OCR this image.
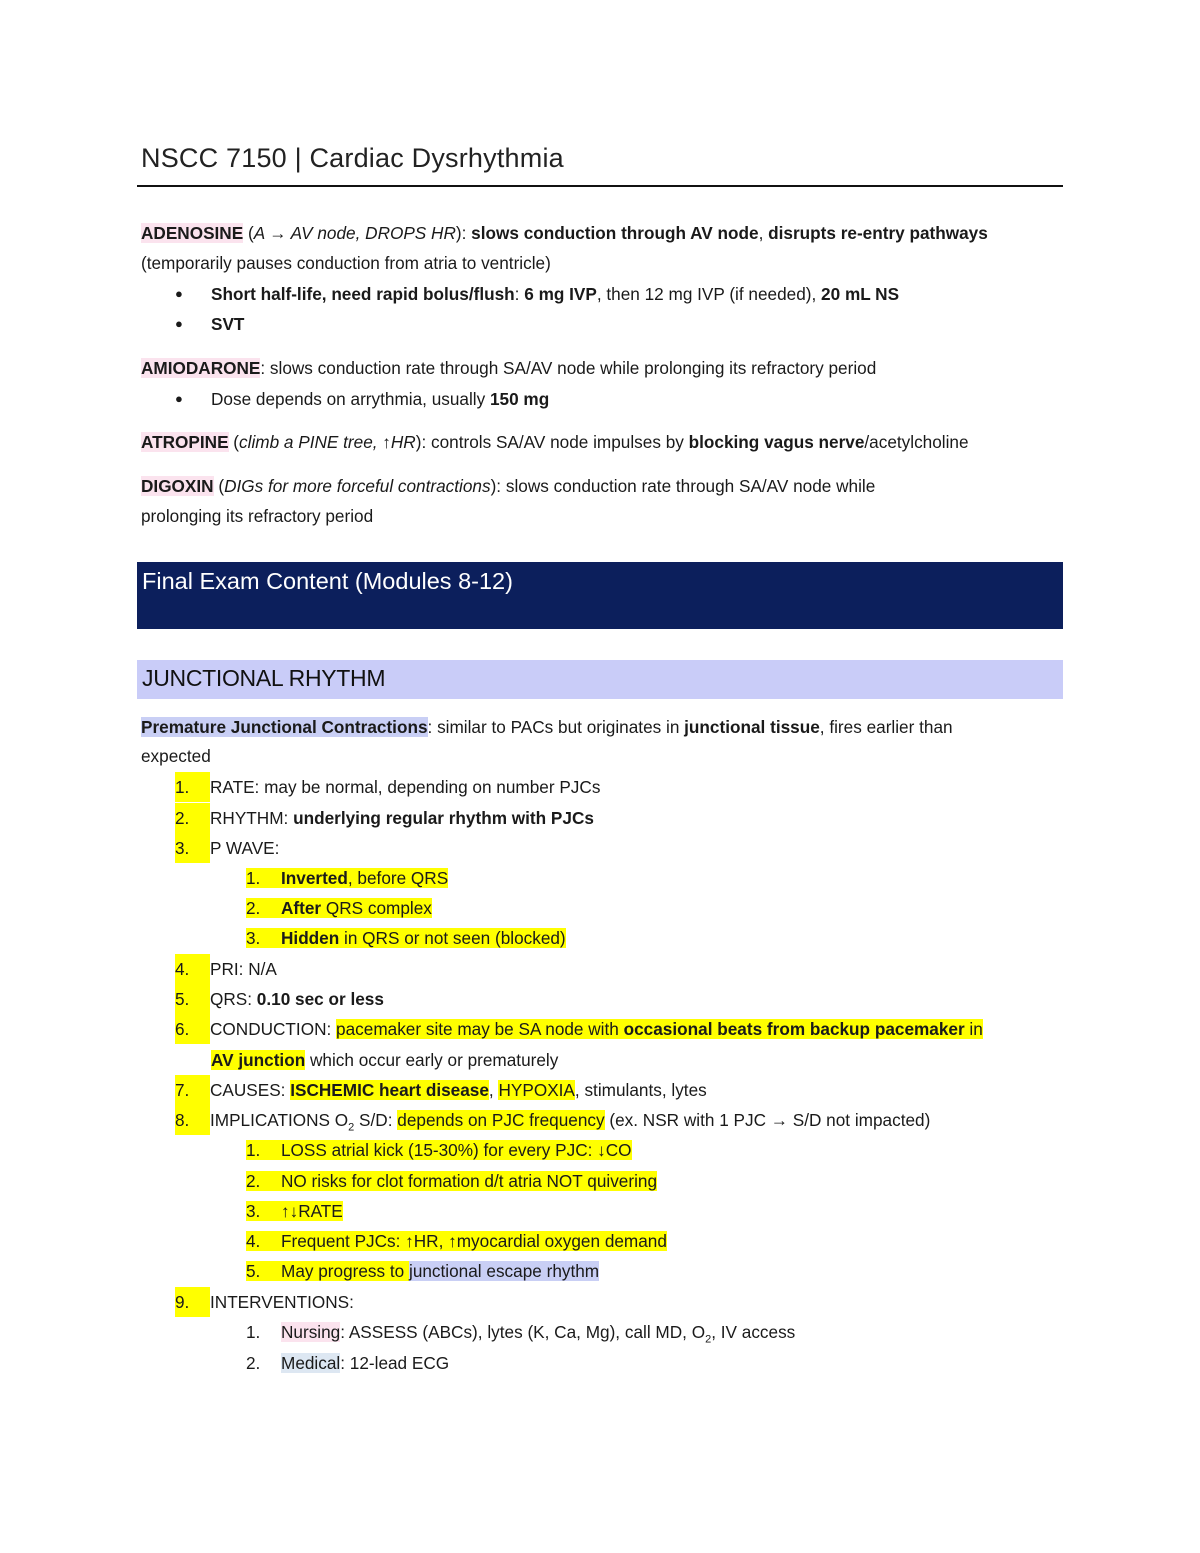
NSCC 7150 | Cardiac Dysrhythmia
ADENOSINE (A → AV node, DROPS HR): slows conduction through AV node, disrupts re-entry pathways
(temporarily pauses conduction from atria to ventricle)
● Short half-life, need rapid bolus/flush: 6 mg IVP, then 12 mg IVP (if needed), 20 mL NS
● SVT
AMIODARONE: slows conduction rate through SA/AV node while prolonging its refractory period
● Dose depends on arrythmia, usually 150 mg
ATROPINE (climb a PINE tree, ↑HR): controls SA/AV node impulses by blocking vagus nerve/acetylcholine
DIGOXIN (DIGs for more forceful contractions): slows conduction rate through SA/AV node while
prolonging its refractory period
Final Exam Content (Modules 8-12)
JUNCTIONAL RHYTHM
Premature Junctional Contractions: similar to PACs but originates in junctional tissue, fires earlier than
expected
1. RATE: may be normal, depending on number PJCs
2. RHYTHM: underlying regular rhythm with PJCs
3. P WAVE:
1. Inverted, before QRS
2. After QRS complex
3. Hidden in QRS or not seen (blocked)
4. PRI: N/A
5. QRS: 0.10 sec or less
6. CONDUCTION: pacemaker site may be SA node with occasional beats from backup pacemaker in
AV junction which occur early or prematurely
7. CAUSES: ISCHEMIC heart disease, HYPOXIA, stimulants, lytes
8. IMPLICATIONS $O_2$ S/D: depends on PJC frequency (ex. NSR with 1 PJC → S/D not impacted)
1. LOSS atrial kick (15-30%) for every PJC: ↓CO
2. NO risks for clot formation d/t atria NOT quivering
3. ↑↓RATE
4. Frequent PJCs: ↑HR, ↑myocardial oxygen demand
5. May progress to junctional escape rhythm
9. INTERVENTIONS:
1. Nursing: ASSESS (ABCs), lytes (K, Ca, Mg), call MD, $O_2$, IV access
2. Medical: 12-lead ECG
